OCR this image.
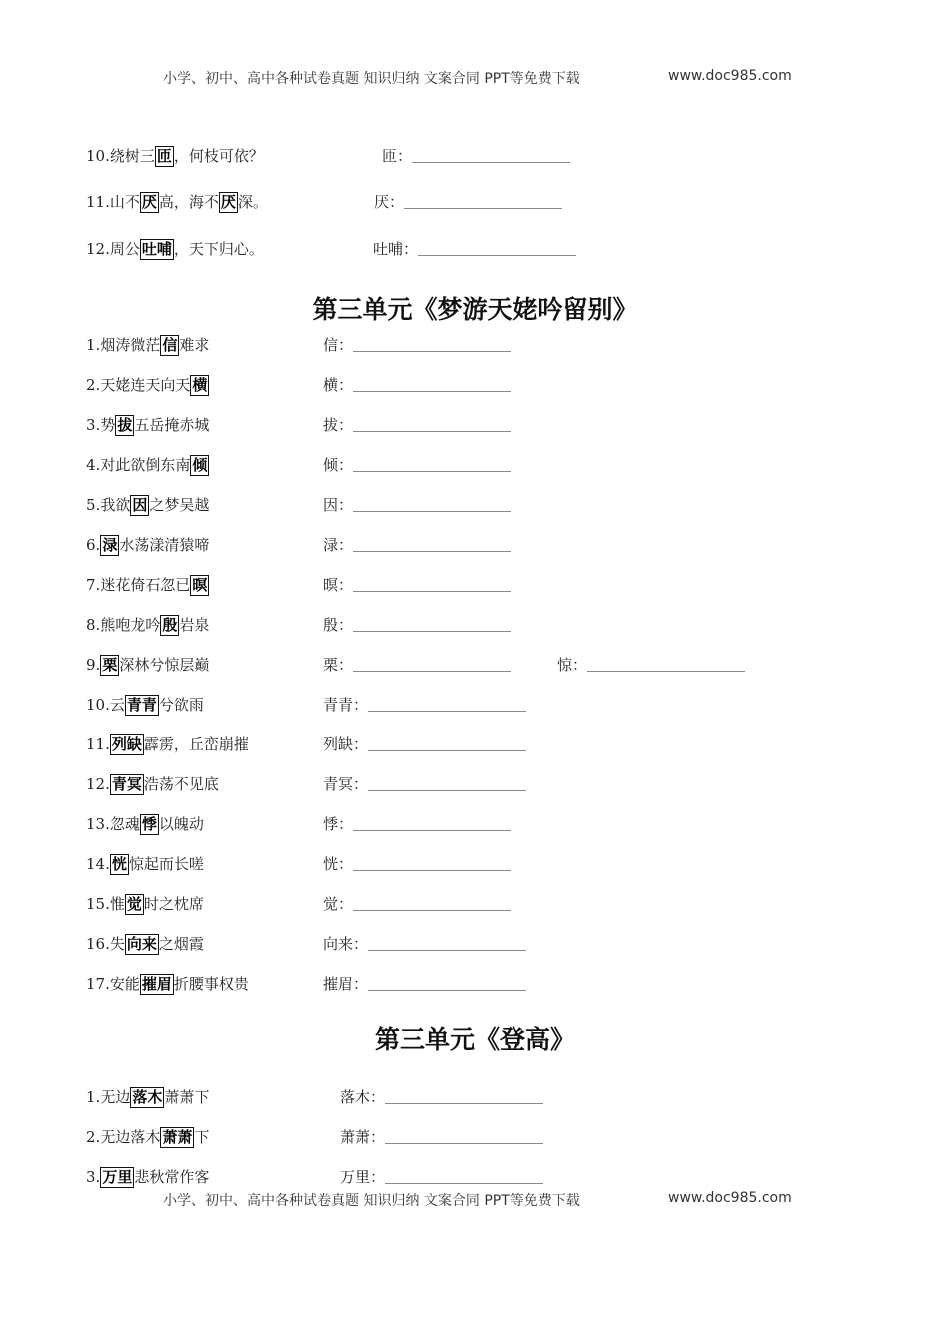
小学、初中、高中各种试卷真题 知识归纳 文案合同 PPT等免费下载	www.doc985.com
10.绕树三 匝 ，何枝可依？	匝：
11.山不 厌 高，海不 厌 深。	厌：
12.周公 吐哺 ，天下归心。	吐哺：
第三单元《梦游天姥吟留别》
1.烟涛微茫 信 难求	信：
2.天姥连天向天 横	横：
3.势 拔 五岳掩赤城	拔：
4.对此欲倒东南 倾	倾：
5.我欲 因 之梦吴越	因：
6. 渌 水荡漾清猿啼	渌：
7.迷花倚石忽已 暝	暝：
8.熊咆龙吟 殷 岩泉	殷：
9. 栗 深林兮惊层巅	栗：	惊：
10.云 青青 兮欲雨	青青：
11. 列缺 霹雳，丘峦崩摧	列缺：
12. 青冥 浩荡不见底	青冥：
13.忽魂 悸 以魄动	悸：
14. 恍 惊起而长嗟	恍：
15.惟 觉 时之枕席	觉：
16.失 向来 之烟霞	向来：
17.安能 摧眉 折腰事权贵	摧眉：
第三单元《登高》
1.无边 落木 萧萧下	落木：
2.无边落木 萧萧 下	萧萧：
3. 万里 悲秋常作客	万里：
小学、初中、高中各种试卷真题 知识归纳 文案合同 PPT等免费下载	www.doc985.com
